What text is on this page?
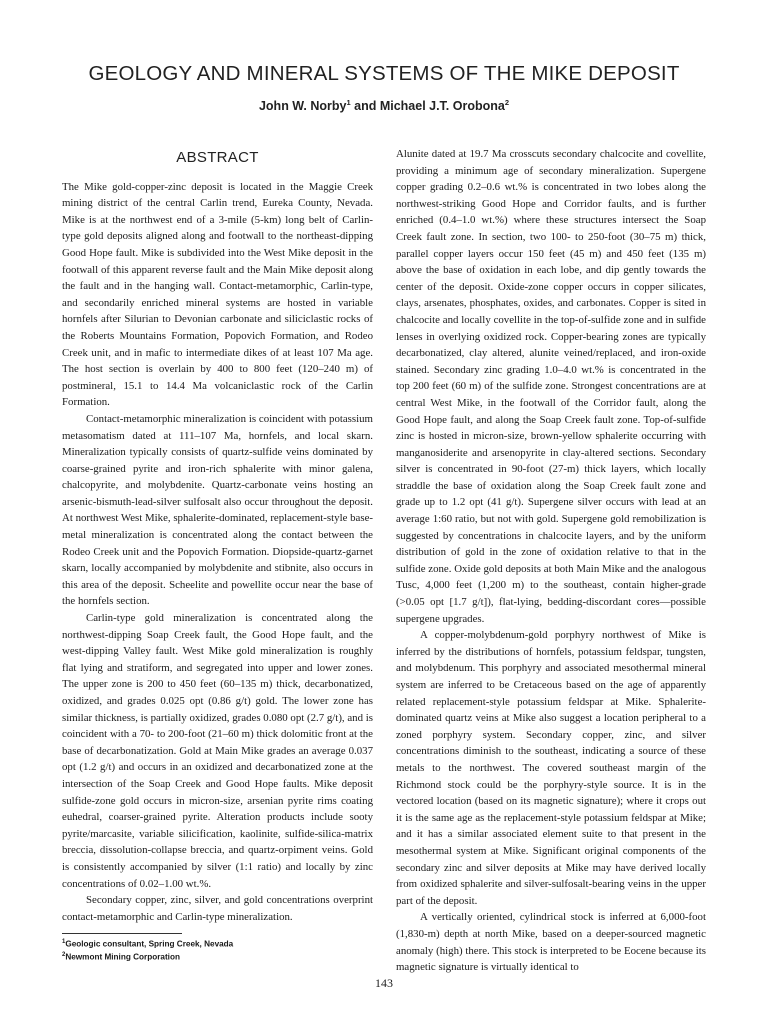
GEOLOGY AND MINERAL SYSTEMS OF THE MIKE DEPOSIT
John W. Norby$^1$ and Michael J.T. Orobona$^2$
ABSTRACT

The Mike gold-copper-zinc deposit is located in the Maggie Creek mining district of the central Carlin trend, Eureka County, Nevada. Mike is at the northwest end of a 3-mile (5-km) long belt of Carlin-type gold deposits aligned along and footwall to the northeast-dipping Good Hope fault. Mike is subdivided into the West Mike deposit in the footwall of this apparent reverse fault and the Main Mike deposit along the fault and in the hanging wall. Contact-metamorphic, Carlin-type, and secondarily enriched mineral systems are hosted in variable hornfels after Silurian to Devonian carbonate and siliciclastic rocks of the Roberts Mountains Formation, Popovich Formation, and Rodeo Creek unit, and in mafic to intermediate dikes of at least 107 Ma age. The host section is overlain by 400 to 800 feet (120–240 m) of postmineral, 15.1 to 14.4 Ma volcaniclastic rock of the Carlin Formation.

Contact-metamorphic mineralization is coincident with potassium metasomatism dated at 111–107 Ma, hornfels, and local skarn. Mineralization typically consists of quartz-sulfide veins dominated by coarse-grained pyrite and iron-rich sphalerite with minor galena, chalcopyrite, and molybdenite. Quartz-carbonate veins hosting an arsenic-bismuth-lead-silver sulfosalt also occur throughout the deposit. At northwest West Mike, sphalerite-dominated, replacement-style base-metal mineralization is concentrated along the contact between the Rodeo Creek unit and the Popovich Formation. Diopside-quartz-garnet skarn, locally accompanied by molybdenite and stibnite, also occurs in this area of the deposit. Scheelite and powellite occur near the base of the hornfels section.

Carlin-type gold mineralization is concentrated along the northwest-dipping Soap Creek fault, the Good Hope fault, and the west-dipping Valley fault. West Mike gold mineralization is roughly flat lying and stratiform, and segregated into upper and lower zones. The upper zone is 200 to 450 feet (60–135 m) thick, decarbonatized, oxidized, and grades 0.025 opt (0.86 g/t) gold. The lower zone has similar thickness, is partially oxidized, grades 0.080 opt (2.7 g/t), and is coincident with a 70- to 200-foot (21–60 m) thick dolomitic front at the base of decarbonatization. Gold at Main Mike grades an average 0.037 opt (1.2 g/t) and occurs in an oxidized and decarbonatized zone at the intersection of the Soap Creek and Good Hope faults. Mike deposit sulfide-zone gold occurs in micron-size, arsenian pyrite rims coating euhedral, coarser-grained pyrite. Alteration products include sooty pyrite/marcasite, variable silicification, kaolinite, sulfide-silica-matrix breccia, dissolution-collapse breccia, and quartz-orpiment veins. Gold is consistently accompanied by silver (1:1 ratio) and locally by zinc concentrations of 0.02–1.00 wt.%.

Secondary copper, zinc, silver, and gold concentrations overprint contact-metamorphic and Carlin-type mineralization.

Alunite dated at 19.7 Ma crosscuts secondary chalcocite and covellite, providing a minimum age of secondary mineralization. Supergene copper grading 0.2–0.6 wt.% is concentrated in two lobes along the northwest-striking Good Hope and Corridor faults, and is further enriched (0.4–1.0 wt.%) where these structures intersect the Soap Creek fault zone. In section, two 100- to 250-foot (30–75 m) thick, parallel copper layers occur 150 feet (45 m) and 450 feet (135 m) above the base of oxidation in each lobe, and dip gently towards the center of the deposit. Oxide-zone copper occurs in copper silicates, clays, arsenates, phosphates, oxides, and carbonates. Copper is sited in chalcocite and locally covellite in the top-of-sulfide zone and in sulfide lenses in overlying oxidized rock. Copper-bearing zones are typically decarbonatized, clay altered, alunite veined/replaced, and iron-oxide stained. Secondary zinc grading 1.0–4.0 wt.% is concentrated in the top 200 feet (60 m) of the sulfide zone. Strongest concentrations are at central West Mike, in the footwall of the Corridor fault, along the Good Hope fault, and along the Soap Creek fault zone. Top-of-sulfide zinc is hosted in micron-size, brown-yellow sphalerite occurring with manganosiderite and arsenopyrite in clay-altered sections. Secondary silver is concentrated in 90-foot (27-m) thick layers, which locally straddle the base of oxidation along the Soap Creek fault zone and grade up to 1.2 opt (41 g/t). Supergene silver occurs with lead at an average 1:60 ratio, but not with gold. Supergene gold remobilization is suggested by concentrations in chalcocite layers, and by the uniform distribution of gold in the zone of oxidation relative to that in the sulfide zone. Oxide gold deposits at both Main Mike and the analogous Tusc, 4,000 feet (1,200 m) to the southeast, contain higher-grade (>0.05 opt [1.7 g/t]), flat-lying, bedding-discordant cores—possible supergene upgrades.

A copper-molybdenum-gold porphyry northwest of Mike is inferred by the distributions of hornfels, potassium feldspar, tungsten, and molybdenum. This porphyry and associated mesothermal mineral system are inferred to be Cretaceous based on the age of apparently related replacement-style potassium feldspar at Mike. Sphalerite-dominated quartz veins at Mike also suggest a location peripheral to a zoned porphyry system. Secondary copper, zinc, and silver concentrations diminish to the southeast, indicating a source of these metals to the northwest. The covered southeast margin of the Richmond stock could be the porphyry-style source. It is in the vectored location (based on its magnetic signature); where it crops out it is the same age as the replacement-style potassium feldspar at Mike; and it has a similar associated element suite to that present in the mesothermal system at Mike. Significant original components of the secondary zinc and silver deposits at Mike may have derived locally from oxidized sphalerite and silver-sulfosalt-bearing veins in the upper part of the deposit.

A vertically oriented, cylindrical stock is inferred at 6,000-foot (1,830-m) depth at north Mike, based on a deeper-sourced magnetic anomaly (high) there. This stock is interpreted to be Eocene because its magnetic signature is virtually identical to

$^1$Geologic consultant, Spring Creek, Nevada
$^2$Newmont Mining Corporation
143
